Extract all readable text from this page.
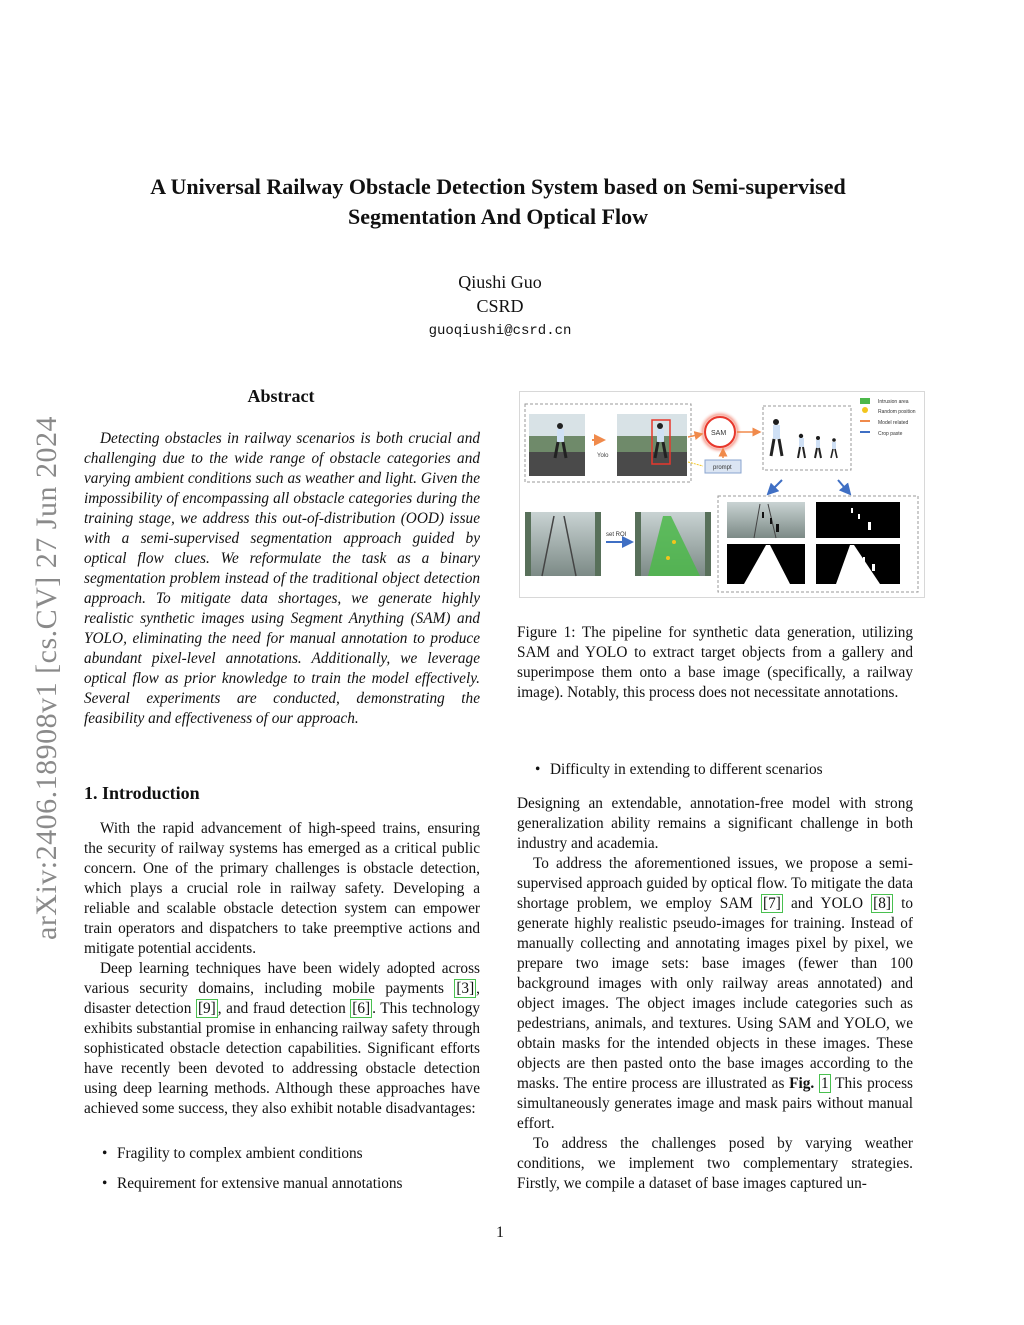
arXiv:2406.18908v1 [cs.CV] 27 Jun 2024
A Universal Railway Obstacle Detection System based on Semi-supervised
Segmentation And Optical Flow
Qiushi Guo
CSRD
guoqiushi@csrd.cn
Abstract

Detecting obstacles in railway scenarios is both crucial and challenging due to the wide range of obstacle categories and varying ambient conditions such as weather and light. Given the impossibility of encompassing all obstacle categories during the training stage, we address this out-of-distribution (OOD) issue with a semi-supervised segmentation approach guided by optical flow clues. We reformulate the task as a binary segmentation problem instead of the traditional object detection approach. To mitigate data shortages, we generate highly realistic synthetic images using Segment Anything (SAM) and YOLO, eliminating the need for manual annotation to produce abundant pixel-level annotations. Additionally, we leverage optical flow as prior knowledge to train the model effectively. Several experiments are conducted, demonstrating the feasibility and effectiveness of our approach.

1. Introduction

With the rapid advancement of high-speed trains, ensuring the security of railway systems has emerged as a critical public concern. One of the primary challenges is obstacle detection, which plays a crucial role in railway safety. Developing a reliable and scalable obstacle detection system can empower train operators and dispatchers to take preemptive actions and mitigate potential accidents.

Deep learning techniques have been widely adopted across various security domains, including mobile payments [3] , disaster detection [9] , and fraud detection [6] . This technology exhibits substantial promise in enhancing railway safety through sophisticated obstacle detection capabilities. Significant efforts have recently been devoted to addressing obstacle detection using deep learning methods. Although these approaches have achieved some success, they also exhibit notable disadvantages:

• Fragility to complex ambient conditions
• Requirement for extensive manual annotations
Yolo
SAM
prompt
Intrusion area
Random position
Model related
Crop paste
set ROI
Figure 1: The pipeline for synthetic data generation, utilizing SAM and YOLO to extract target objects from a gallery and superimpose them onto a base image (specifically, a railway image). Notably, this process does not necessitate annotations.
• Difficulty in extending to different scenarios

Designing an extendable, annotation-free model with strong generalization ability remains a significant challenge in both industry and academia.

To address the aforementioned issues, we propose a semi-supervised approach guided by optical flow. To mitigate the data shortage problem, we employ SAM [7] and YOLO [8] to generate highly realistic pseudo-images for training. Instead of manually collecting and annotating images pixel by pixel, we prepare two image sets: base images (fewer than 100 background images with only railway areas annotated) and object images. The object images include categories such as pedestrians, animals, and textures. Using SAM and YOLO, we obtain masks for the intended objects in these images. These objects are then pasted onto the base images according to the masks. The entire process are illustrated as Fig. 1 This process simultaneously generates image and mask pairs without manual effort.

To address the challenges posed by varying weather conditions, we implement two complementary strategies. Firstly, we compile a dataset of base images captured un-

1
